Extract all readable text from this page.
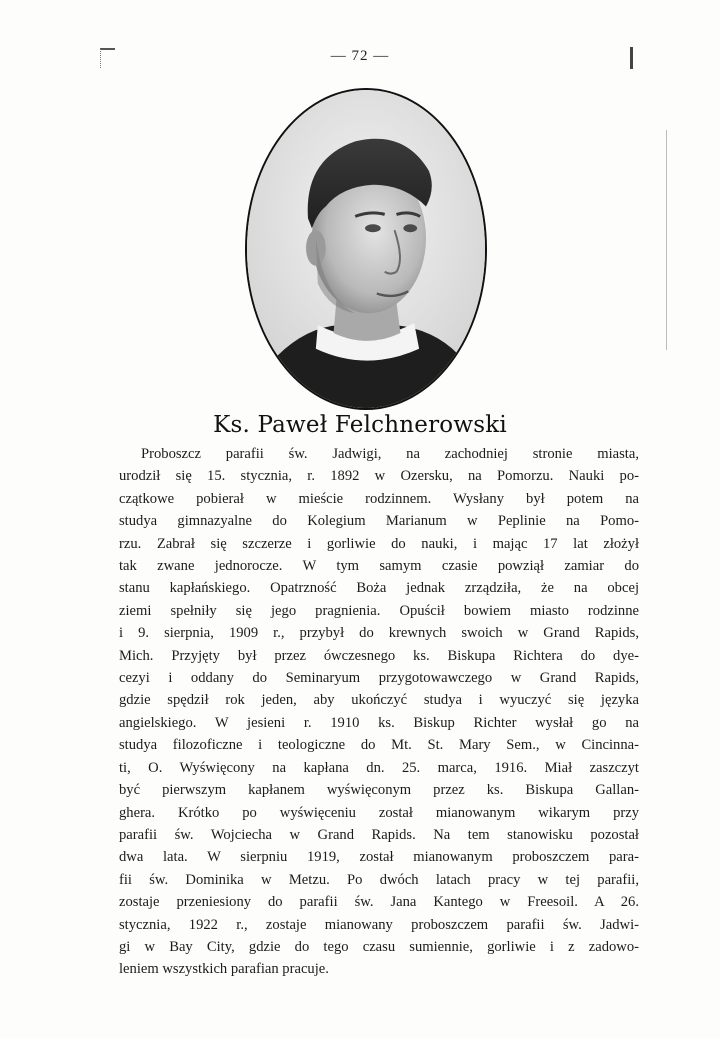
— 72 —
Ks. Paweł Felchnerowski
Proboszcz parafii św. Jadwigi, na zachodniej stronie miasta,
urodził się 15. stycznia, r. 1892 w Ozersku, na Pomorzu. Nauki po-
czątkowe pobierał w mieście rodzinnem. Wysłany był potem na
studya gimnazyalne do Kolegium Marianum w Peplinie na Pomo-
rzu. Zabrał się szczerze i gorliwie do nauki, i mając 17 lat złożył
tak zwane jednorocze. W tym samym czasie powziął zamiar do
stanu kapłańskiego. Opatrzność Boża jednak zrządziła, że na obcej
ziemi spełniły się jego pragnienia. Opuścił bowiem miasto rodzinne
i 9. sierpnia, 1909 r., przybył do krewnych swoich w Grand Rapids,
Mich. Przyjęty był przez ówczesnego ks. Biskupa Richtera do dye-
cezyi i oddany do Seminaryum przygotowawczego w Grand Rapids,
gdzie spędził rok jeden, aby ukończyć studya i wyuczyć się języka
angielskiego. W jesieni r. 1910 ks. Biskup Richter wysłał go na
studya filozoficzne i teologiczne do Mt. St. Mary Sem., w Cincinna-
ti, O. Wyświęcony na kapłana dn. 25. marca, 1916. Miał zaszczyt
być pierwszym kapłanem wyświęconym przez ks. Biskupa Gallan-
ghera. Krótko po wyświęceniu został mianowanym wikarym przy
parafii św. Wojciecha w Grand Rapids. Na tem stanowisku pozostał
dwa lata. W sierpniu 1919, został mianowanym proboszczem para-
fii św. Dominika w Metzu. Po dwóch latach pracy w tej parafii,
zostaje przeniesiony do parafii św. Jana Kantego w Freesoil. A 26.
stycznia, 1922 r., zostaje mianowany proboszczem parafii św. Jadwi-
gi w Bay City, gdzie do tego czasu sumiennie, gorliwie i z zadowo-
leniem wszystkich parafian pracuje.
